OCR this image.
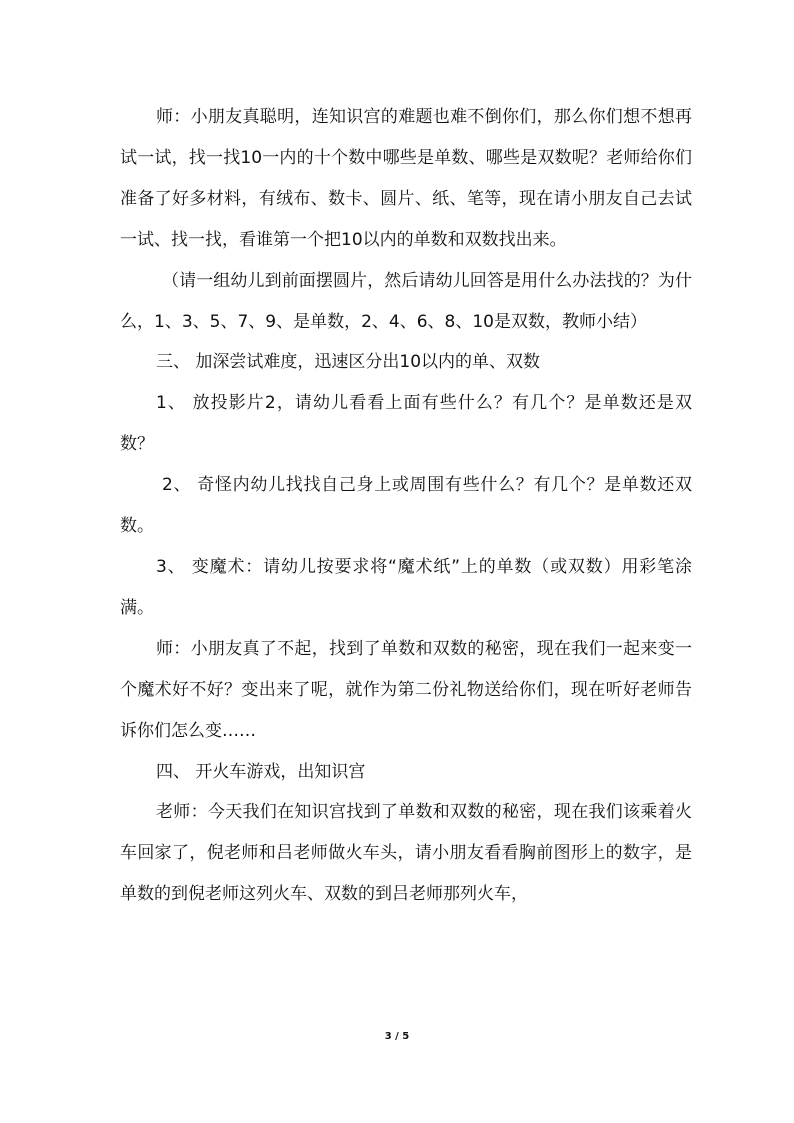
师：小朋友真聪明，连知识宫的难题也难不倒你们，那么你们想不想再试一试，找一找10一内的十个数中哪些是单数、哪些是双数呢？老师给你们准备了好多材料，有绒布、数卡、圆片、纸、笔等，现在请小朋友自己去试一试、找一找，看谁第一个把10以内的单数和双数找出来。

（请一组幼儿到前面摆圆片，然后请幼儿回答是用什么办法找的？为什么，1、3、5、7、9、是单数，2、4、6、8、10是双数，教师小结）

三、 加深尝试难度，迅速区分出10以内的单、双数

1、 放投影片2，请幼儿看看上面有些什么？有几个？是单数还是双数？

2、 奇怪内幼儿找找自己身上或周围有些什么？有几个？是单数还双数。

3、 变魔术：请幼儿按要求将“魔术纸”上的单数（或双数）用彩笔涂满。

师：小朋友真了不起，找到了单数和双数的秘密，现在我们一起来变一个魔术好不好？变出来了呢，就作为第二份礼物送给你们，现在听好老师告诉你们怎么变……

四、 开火车游戏，出知识宫

老师：今天我们在知识宫找到了单数和双数的秘密，现在我们该乘着火车回家了，倪老师和吕老师做火车头，请小朋友看看胸前图形上的数字，是单数的到倪老师这列火车、双数的到吕老师那列火车，

3 / 5
